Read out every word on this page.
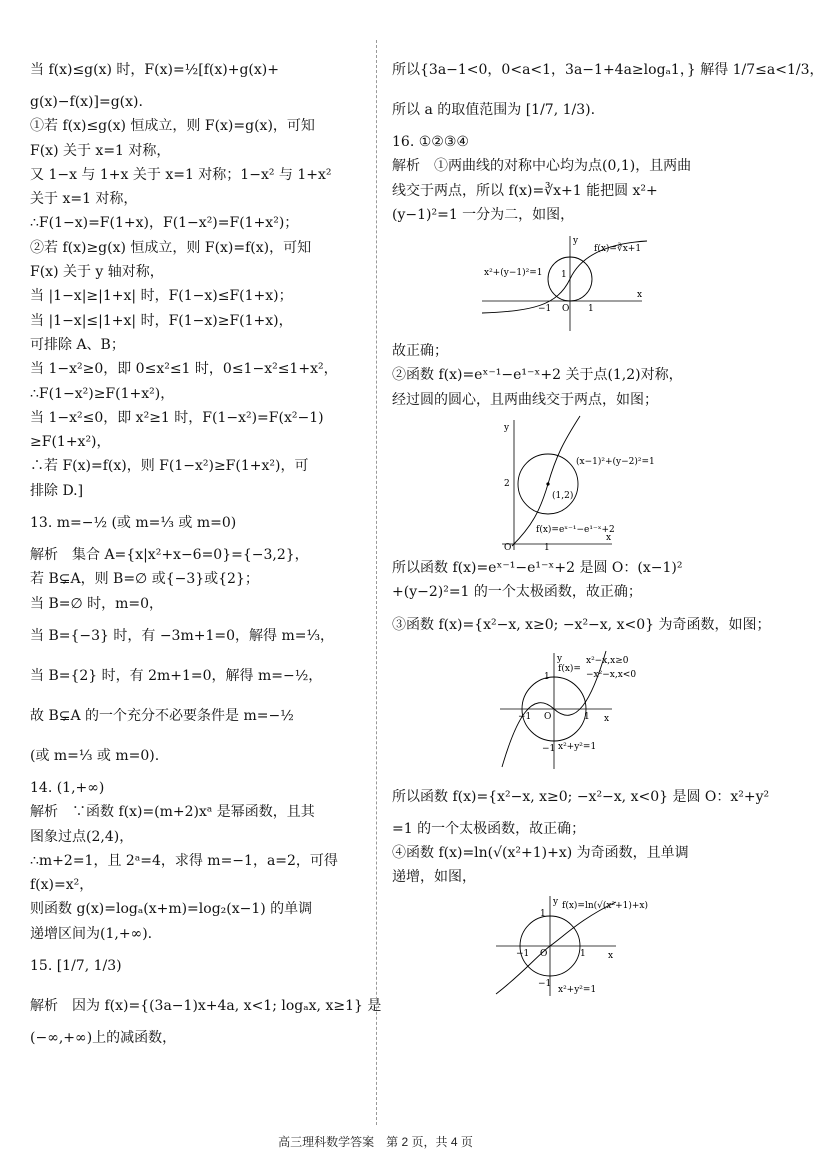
当 f(x)≤g(x) 时，F(x)=½[f(x)+g(x)+
g(x)−f(x)]=g(x).
①若 f(x)≤g(x) 恒成立，则 F(x)=g(x)，可知
F(x) 关于 x=1 对称，
又 1−x 与 1+x 关于 x=1 对称；1−x² 与 1+x²
关于 x=1 对称，
∴F(1−x)=F(1+x)，F(1−x²)=F(1+x²)；
②若 f(x)≥g(x) 恒成立，则 F(x)=f(x)，可知
F(x) 关于 y 轴对称，
当 |1−x|≥|1+x| 时，F(1−x)≤F(1+x)；
当 |1−x|≤|1+x| 时，F(1−x)≥F(1+x)，
可排除 A、B；
当 1−x²≥0，即 0≤x²≤1 时，0≤1−x²≤1+x²，
∴F(1−x²)≥F(1+x²)，
当 1−x²≤0，即 x²≥1 时，F(1−x²)=F(x²−1)
≥F(1+x²)，
∴若 F(x)=f(x)，则 F(1−x²)≥F(1+x²)，可
排除 D.]
13. m=−½ (或 m=⅓ 或 m=0)
解析　集合 A={x|x²+x−6=0}={−3,2}，
若 B⊊A，则 B=∅ 或{−3}或{2}；
当 B=∅ 时，m=0，
当 B={−3} 时，有 −3m+1=0，解得 m=⅓，
当 B={2} 时，有 2m+1=0，解得 m=−½，
故 B⊊A 的一个充分不必要条件是 m=−½
(或 m=⅓ 或 m=0).
14. (1,+∞)
解析　∵函数 f(x)=(m+2)xᵃ 是幂函数，且其
图象过点(2,4)，
∴m+2=1，且 2ᵃ=4，求得 m=−1，a=2，可得
f(x)=x²，
则函数 g(x)=logₐ(x+m)=log₂(x−1) 的单调
递增区间为(1,+∞).
15. [1/7, 1/3)
解析　因为 f(x)={(3a−1)x+4a, x<1; logₐx, x≥1} 是
(−∞,+∞)上的减函数，
所以{3a−1<0，0<a<1，3a−1+4a≥logₐ1，} 解得 1/7≤a<1/3，
所以 a 的取值范围为 [1/7, 1/3).
16. ①②③④
解析　①两曲线的对称中心均为点(0,1)，且两曲
线交于两点，所以 f(x)=∛x+1 能把圆 x²+
(y−1)²=1 一分为二，如图，
x²+(y−1)²=1
f(x)=∛x+1
1
−1 O 1
x
y
故正确；
②函数 f(x)=eˣ⁻¹−e¹⁻ˣ+2 关于点(1,2)对称，
经过圆的圆心，且两曲线交于两点，如图；
(x−1)²+(y−2)²=1
f(x)=eˣ⁻¹−e¹⁻ˣ+2
(1,2)
2
O	1
x
y
所以函数 f(x)=eˣ⁻¹−e¹⁻ˣ+2 是圆 O：(x−1)²
+(y−2)²=1 的一个太极函数，故正确；
③函数 f(x)={x²−x, x≥0; −x²−x, x<0} 为奇函数，如图；
f(x)=
x²−x,x≥0
−x²−x,x<0
x²+y²=1
1
−1 O	1
−1
x
y
所以函数 f(x)={x²−x, x≥0; −x²−x, x<0} 是圆 O：x²+y²
=1 的一个太极函数，故正确；
④函数 f(x)=ln(√(x²+1)+x) 为奇函数，且单调
递增，如图，
f(x)=ln(√(x²+1)+x)
x²+y²=1
1
−1 O	1
−1
x
y
高三理科数学答案　第 2 页，共 4 页
